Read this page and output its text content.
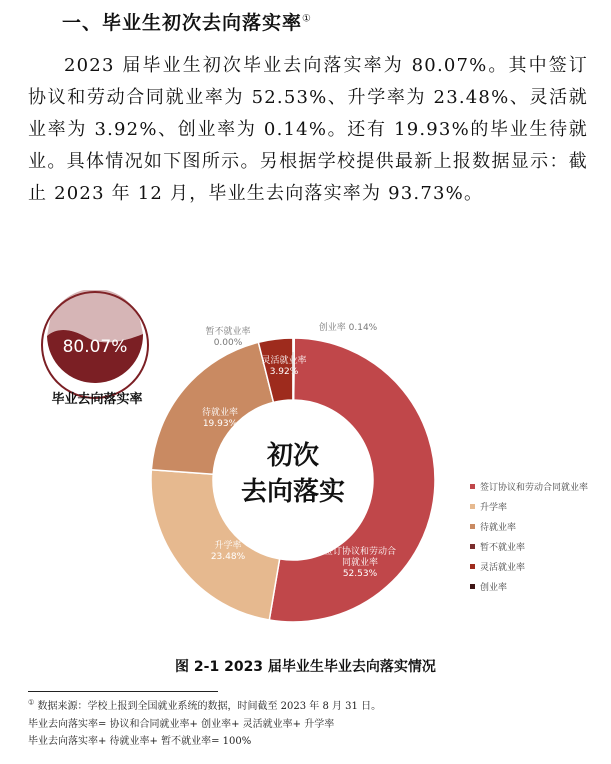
一、毕业生初次去向落实率①
2023 届毕业生初次毕业去向落实率为 80.07%。其中签订协议和劳动合同就业率为 52.53%、升学率为 23.48%、灵活就业率为 3.92%、创业率为 0.14%。还有 19.93%的毕业生待就业。具体情况如下图所示。另根据学校提供最新上报数据显示：截止 2023 年 12 月，毕业生去向落实率为 93.73%。
80.07%
毕业去向落实率
签订协议和劳动合
同就业率
52.53%
升学率
23.48%
待就业率
19.93%
暂不就业率
0.00%
灵活就业率
3.92%
创业率 0.14%
初次
去向落实	签订协议和劳动合同就业率
升学率
待就业率
暂不就业率
灵活就业率
创业率
图 2-1 2023 届毕业生毕业去向落实情况
① 数据来源：学校上报到全国就业系统的数据，时间截至 2023 年 8 月 31 日。
毕业去向落实率= 协议和合同就业率+ 创业率+ 灵活就业率+ 升学率
毕业去向落实率+ 待就业率+ 暂不就业率= 100%
